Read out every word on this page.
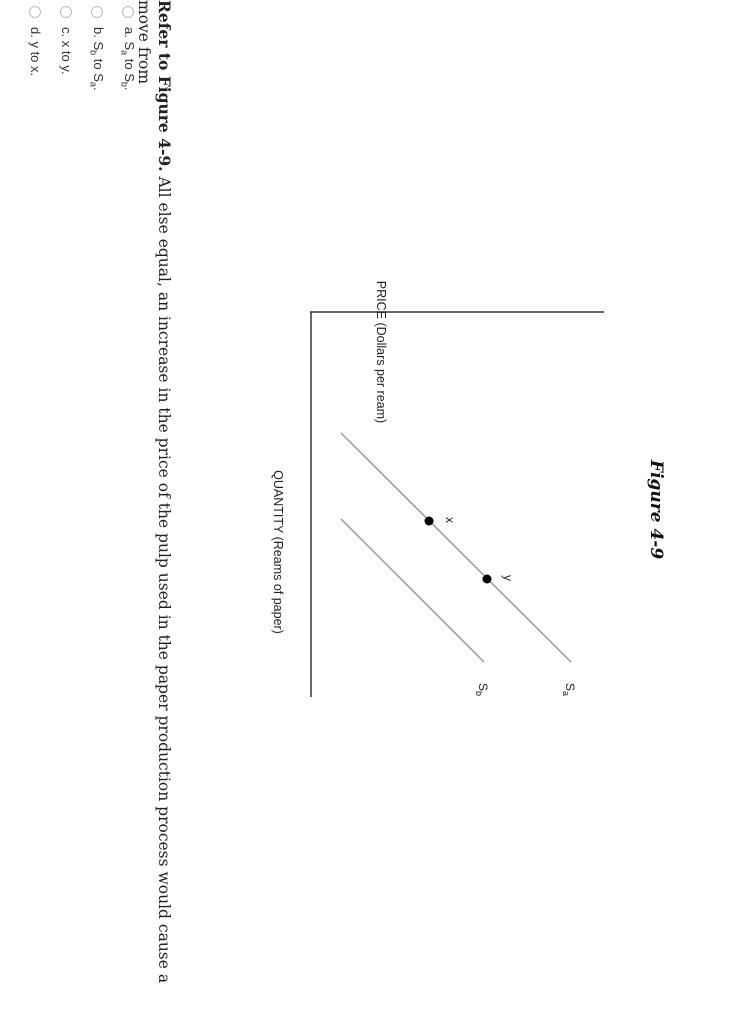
Figure 4-9
PRICE (Dollars per ream)
QUANTITY (Reams of paper)
$S_a$
$S_b$
x
y
Refer to Figure 4-9. All else equal, an increase in the price of the pulp used in the paper production process would cause a move from
a. $S_a$ to $S_b$.
b. $S_b$ to $S_a$.
c. x to y.
d. y to x.
